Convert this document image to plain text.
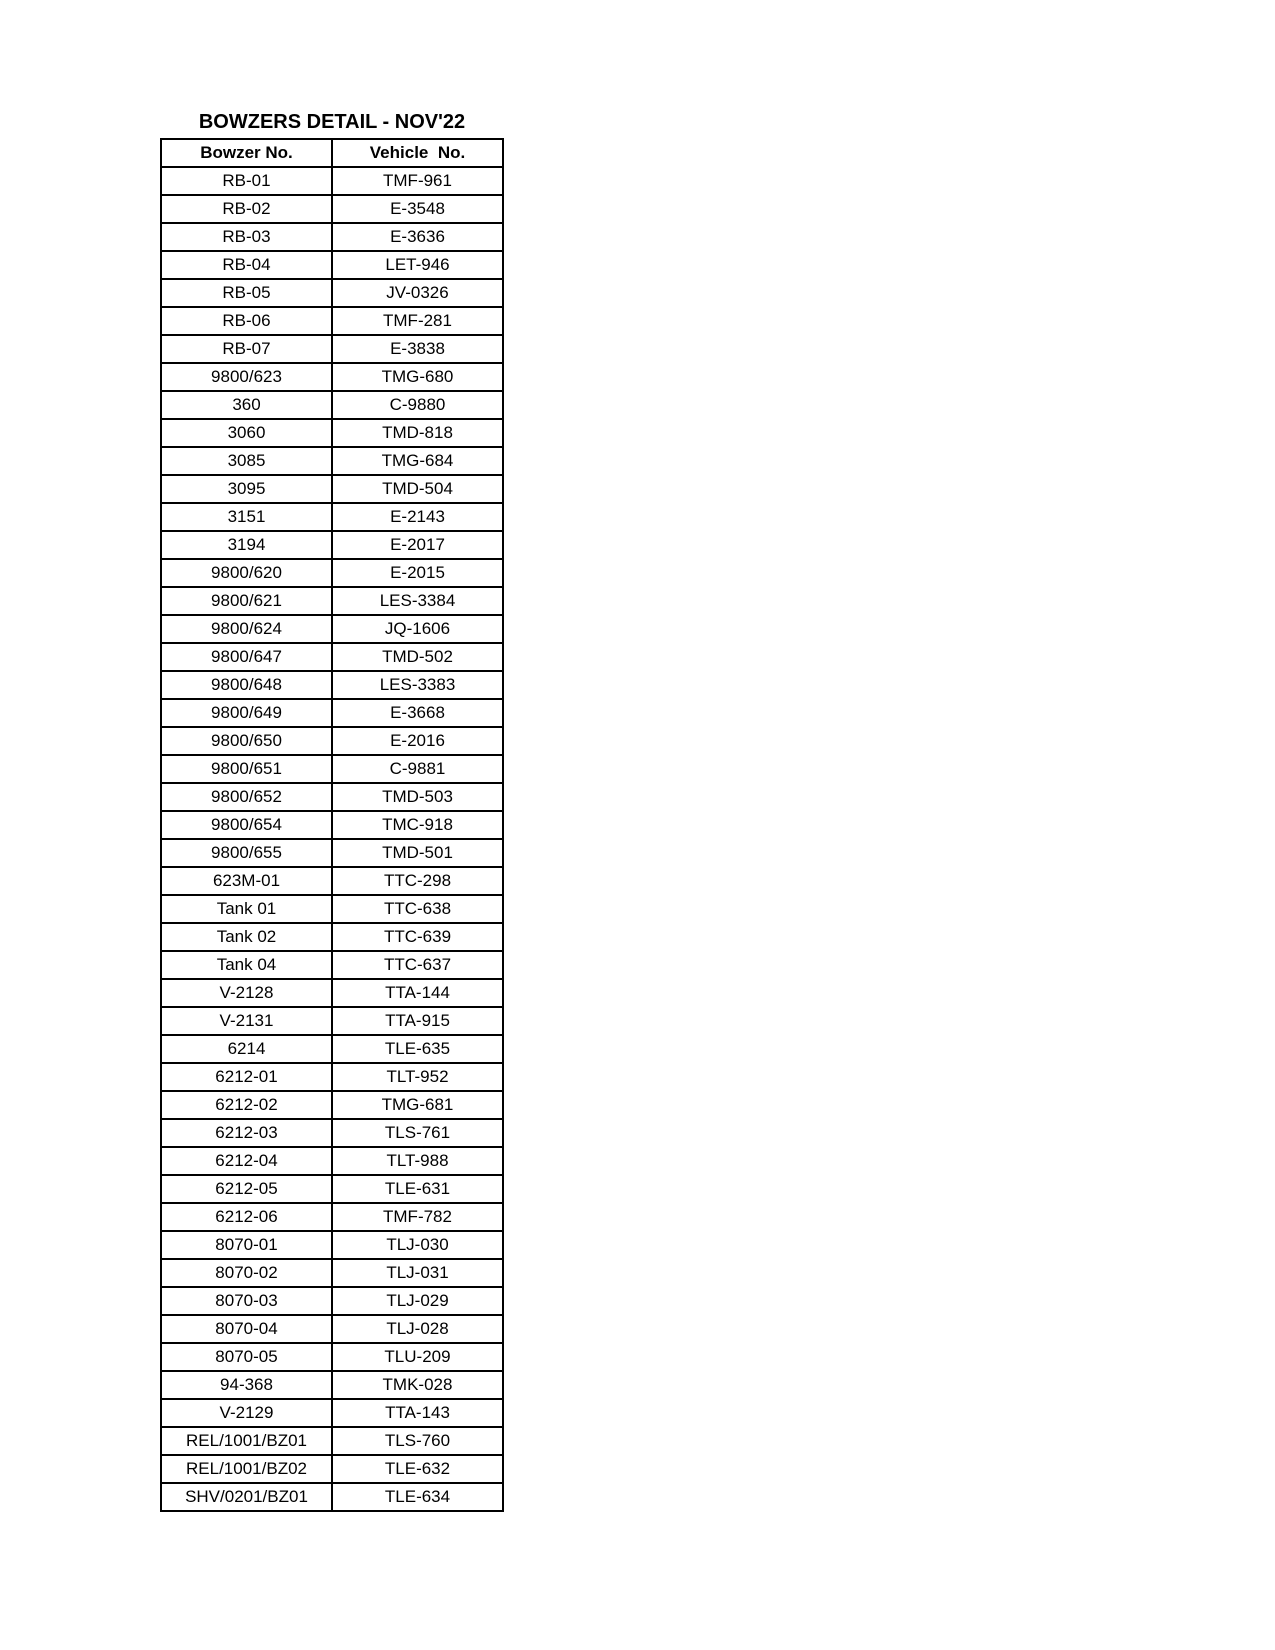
BOWZERS DETAIL - NOV'22
Bowzer No.	Vehicle  No.
RB-01	TMF-961
RB-02	E-3548
RB-03	E-3636
RB-04	LET-946
RB-05	JV-0326
RB-06	TMF-281
RB-07	E-3838
9800/623	TMG-680
360	C-9880
3060	TMD-818
3085	TMG-684
3095	TMD-504
3151	E-2143
3194	E-2017
9800/620	E-2015
9800/621	LES-3384
9800/624	JQ-1606
9800/647	TMD-502
9800/648	LES-3383
9800/649	E-3668
9800/650	E-2016
9800/651	C-9881
9800/652	TMD-503
9800/654	TMC-918
9800/655	TMD-501
623M-01	TTC-298
Tank 01	TTC-638
Tank 02	TTC-639
Tank 04	TTC-637
V-2128	TTA-144
V-2131	TTA-915
6214	TLE-635
6212-01	TLT-952
6212-02	TMG-681
6212-03	TLS-761
6212-04	TLT-988
6212-05	TLE-631
6212-06	TMF-782
8070-01	TLJ-030
8070-02	TLJ-031
8070-03	TLJ-029
8070-04	TLJ-028
8070-05	TLU-209
94-368	TMK-028
V-2129	TTA-143
REL/1001/BZ01	TLS-760
REL/1001/BZ02	TLE-632
SHV/0201/BZ01	TLE-634
